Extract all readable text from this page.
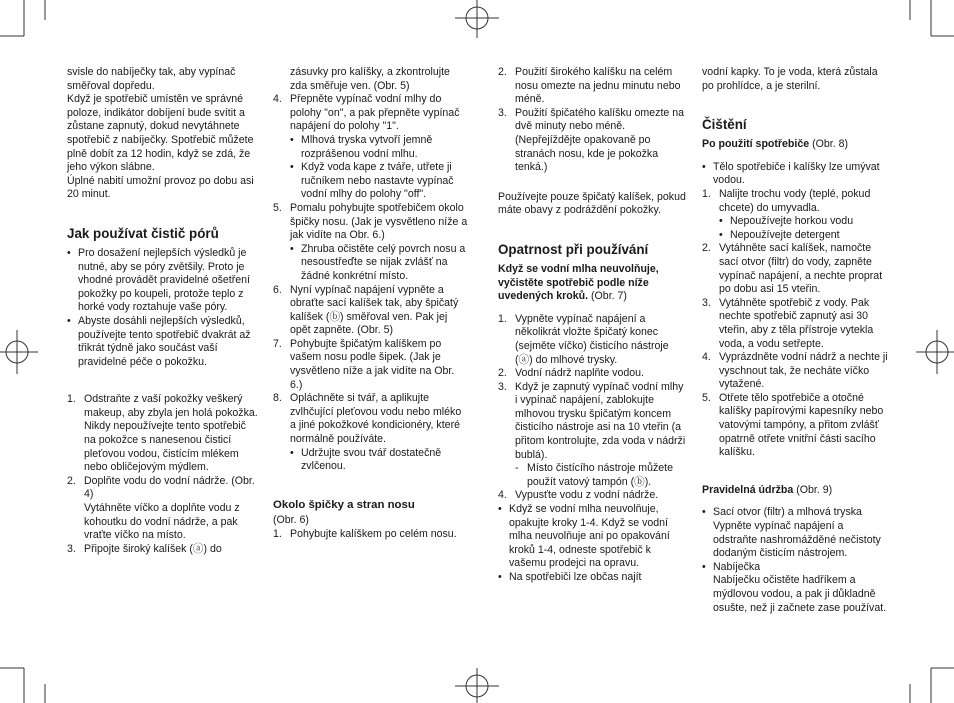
svisle do nabíječky tak, aby vypínač směřoval dopředu.

Když je spotřebič umístěn ve správné poloze, indikátor dobíjení bude svítit a zůstane zapnutý, dokud nevytáhnete spotřebič z nabíječky. Spotřebič můžete plně dobít za 12 hodin, když se zdá, že jeho výkon slábne.

Úplné nabití umožní provoz po dobu asi 20 minut.

Jak používat čistič pórů
• Pro dosažení nejlepších výsledků je nutné, aby se póry zvětšily. Proto je vhodné provádět pravidelné ošetření pokožky po koupeli, protože teplo z horké vody roztahuje vaše póry.
• Abyste dosáhli nejlepších výsledků, používejte tento spotřebič dvakrát až třikrát týdně jako součást vaší pravidelné péče o pokožku.
1. Odstraňte z vaší pokožky veškerý makeup, aby zbyla jen holá pokožka.

Nikdy nepoužívejte tento spotřebič na pokožce s nanesenou čisticí pleťovou vodou, čistícím mlékem nebo obličejovým mýdlem.

2. Doplňte vodu do vodní nádrže. (Obr. 4)

Vytáhněte víčko a doplňte vodu z kohoutku do vodní nádrže, a pak vraťte víčko na místo.

3. Připojte široký kalíšek (ⓐ) do

zásuvky pro kalíšky, a zkontrolujte zda směřuje ven. (Obr. 5)

4. Přepněte vypínač vodní mlhy do polohy "on", a pak přepněte vypínač napájení do polohy "1".
• Mlhová tryska vytvoří jemně rozprášenou vodní mlhu.
• Když voda kape z tváře, utřete ji ručníkem nebo nastavte vypínač vodní mlhy do polohy "off".
5. Pomalu pohybujte spotřebičem okolo špičky nosu. (Jak je vysvětleno níže a jak vidíte na Obr. 6.)
• Zhruba očistěte celý povrch nosu a nesoustřeďte se nijak zvlášť na žádné konkrétní místo.
6. Nyní vypínač napájení vypněte a obraťte sací kalíšek tak, aby špičatý kalíšek (ⓑ) směřoval ven. Pak jej opět zapněte. (Obr. 5)
7. Pohybujte špičatým kalíškem po vašem nosu podle šipek. (Jak je vysvětleno níže a jak vidíte na Obr. 6.)
8. Opláchněte si tvář, a aplikujte zvlhčující pleťovou vodu nebo mléko a jiné pokožkové kondicionéry, které normálně používáte.
• Udržujte svou tvář dostatečně zvlčenou.
Okolo špičky a stran nosu

(Obr. 6)

1. Pohybujte kalíškem po celém nosu.
2. Použití širokého kalíšku na celém nosu omezte na jednu minutu nebo méně.
3. Použití špičatého kalíšku omezte na dvě minuty nebo méně. (Nepřejíždějte opakovaně po stranách nosu, kde je pokožka tenká.)

Používejte pouze špičatý kalíšek, pokud máte obavy z podráždění pokožky.

Opatrnost při používání

Když se vodní mlha neuvolňuje, vyčistěte spotřebič podle níže uvedených kroků. (Obr. 7)

1. Vypněte vypínač napájení a několikrát vložte špičatý konec (sejměte víčko) čisticího nástroje (ⓐ) do mlhové trysky.
2. Vodní nádrž naplňte vodou.
3. Když je zapnutý vypínač vodní mlhy i vypínač napájení, zablokujte mlhovou trysku špičatým koncem čisticího nástroje asi na 10 vteřin (a přitom kontrolujte, zda voda v nádrži bublá).
- Místo čistícího nástroje můžete použít vatový tampón (ⓑ).
4. Vypusťte vodu z vodní nádrže.
• Když se vodní mlha neuvolňuje, opakujte kroky 1-4. Když se vodní mlha neuvolňuje ani po opakování kroků 1-4, odneste spotřebič k vašemu prodejci na opravu.
• Na spotřebiči lze občas najít

vodní kapky. To je voda, která zůstala po prohlídce, a je sterilní.

Čištění

Po použití spotřebiče (Obr. 8)

• Tělo spotřebiče i kalíšky lze umývat vodou.
1. Nalijte trochu vody (teplé, pokud chcete) do umyvadla.
• Nepoužívejte horkou vodu
• Nepoužívejte detergent
2. Vytáhněte sací kalíšek, namočte sací otvor (filtr) do vody, zapněte vypínač napájení, a nechte proprat po dobu asi 15 vteřin.
3. Vytáhněte spotřebič z vody. Pak nechte spotřebič zapnutý asi 30 vteřin, aby z těla přístroje vytekla voda, a vodu setřepte.
4. Vyprázdněte vodní nádrž a nechte ji vyschnout tak, že necháte víčko vytažené.
5. Otřete tělo spotřebiče a otočné kalíšky papírovými kapesníky nebo vatovými tampóny, a přitom zvlášť opatrně otřete vnitřní části sacího kalíšku.

Pravidelná údržba (Obr. 9)

• Sací otvor (filtr) a mlhová tryska
Vypněte vypínač napájení a odstraňte nashromážděné nečistoty dodaným čisticím nástrojem.
• Nabíječka
Nabíječku očistěte hadříkem a mýdlovou vodou, a pak ji důkladně osušte, než ji začnete zase používat.
